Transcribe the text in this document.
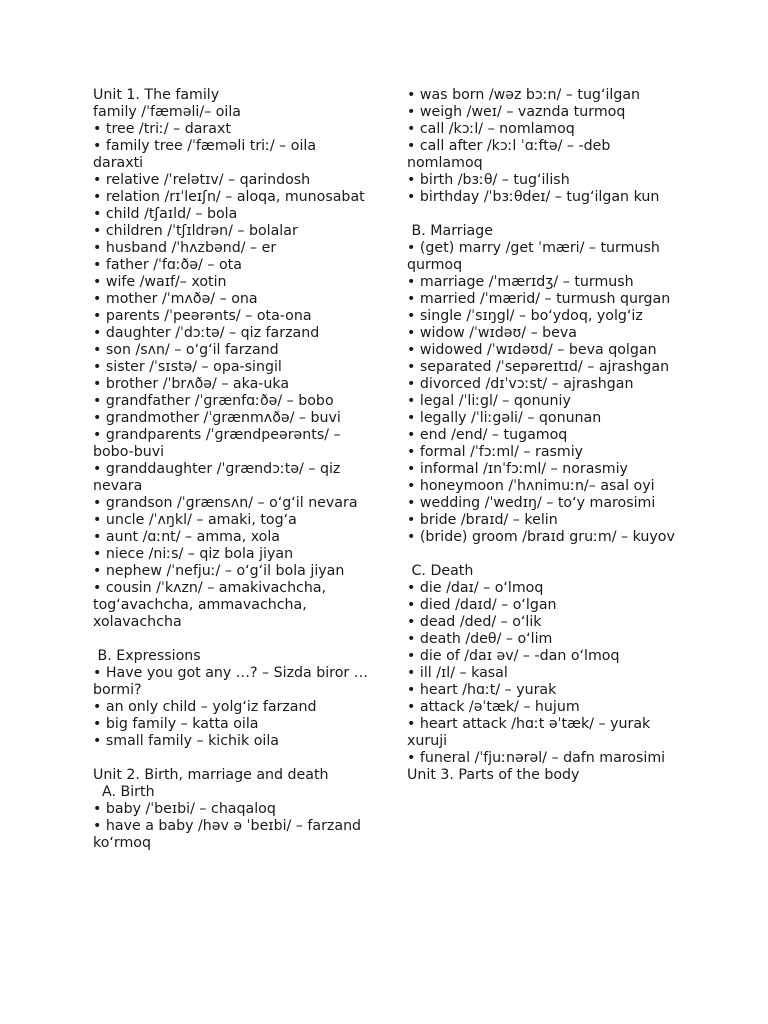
Unit 1. The family
family /ˈfæməli/– oila
• tree /triː/ – daraxt
• family tree /ˈfæməli triː/ – oila daraxti
• relative /ˈrelətɪv/ – qarindosh
• relation /rɪˈleɪʃn/ – aloqa, munosabat
• child /tʃaɪld/ – bola
• children /ˈtʃɪldrən/ – bolalar
• husband /ˈhʌzbənd/ – er
• father /ˈfɑːðə/ – ota
• wife /waɪf/– xotin
• mother /ˈmʌðə/ – ona
• parents /ˈpeərənts/ – ota-ona
• daughter /ˈdɔːtə/ – qiz farzand
• son /sʌn/ – oʻgʻil farzand
• sister /ˈsɪstə/ – opa-singil
• brother /ˈbrʌðə/ – aka-uka
• grandfather /ˈɡrænfɑːðə/ – bobo
• grandmother /ˈɡrænmʌðə/ – buvi
• grandparents /ˈɡrændpeərənts/ – bobo-buvi
• granddaughter /ˈɡrændɔːtə/ – qiz nevara
• grandson /ˈɡrænsʌn/ – oʻgʻil nevara
• uncle /ˈʌŋkl/ – amaki, togʻa
• aunt /ɑːnt/ – amma, xola
• niece /niːs/ – qiz bola jiyan
• nephew /ˈnefjuː/ – oʻgʻil bola jiyan
• cousin /ˈkʌzn/ – amakivachcha, togʻavachcha, ammavachcha, xolavachcha
B. Expressions
• Have you got any …? – Sizda biror … bormi?
• an only child – yolgʻiz farzand
• big family – katta oila
• small family – kichik oila
Unit 2. Birth, marriage and death
A. Birth
• baby /ˈbeɪbi/ – chaqaloq
• have a baby /həv ə ˈbeɪbi/ – farzand koʻrmoq
• was born /wəz bɔːn/ – tugʻilgan
• weigh /weɪ/ – vaznda turmoq
• call /kɔːl/ – nomlamoq
• call after /kɔːl ˈɑːftə/ – -deb nomlamoq
• birth /bɜːθ/ – tugʻilish
• birthday /ˈbɜːθdeɪ/ – tugʻilgan kun
B. Marriage
• (get) marry /get ˈmæri/ – turmush qurmoq
• marriage /ˈmærɪdʒ/ – turmush
• married /ˈmærid/ – turmush qurgan
• single /ˈsɪŋgl/ – boʻydoq, yolgʻiz
• widow /ˈwɪdəʊ/ – beva
• widowed /ˈwɪdəʊd/ – beva qolgan
• separated /ˈsepəreɪtɪd/ – ajrashgan
• divorced /dɪˈvɔːst/ – ajrashgan
• legal /ˈliːgl/ – qonuniy
• legally /ˈliːgəli/ – qonunan
• end /end/ – tugamoq
• formal /ˈfɔːml/ – rasmiy
• informal /ɪnˈfɔːml/ – norasmiy
• honeymoon /ˈhʌnimuːn/– asal oyi
• wedding /ˈwedɪŋ/ – toʻy marosimi
• bride /braɪd/ – kelin
• (bride) groom /braɪd gruːm/ – kuyov
C. Death
• die /daɪ/ – oʻlmoq
• died /daɪd/ – oʻlgan
• dead /ded/ – oʻlik
• death /deθ/ – oʻlim
• die of /daɪ əv/ – -dan oʻlmoq
• ill /ɪl/ – kasal
• heart /hɑːt/ – yurak
• attack /əˈtæk/ – hujum
• heart attack /hɑːt əˈtæk/ – yurak xuruji
• funeral /ˈfjuːnərəl/ – dafn marosimi
Unit 3. Parts of the body
